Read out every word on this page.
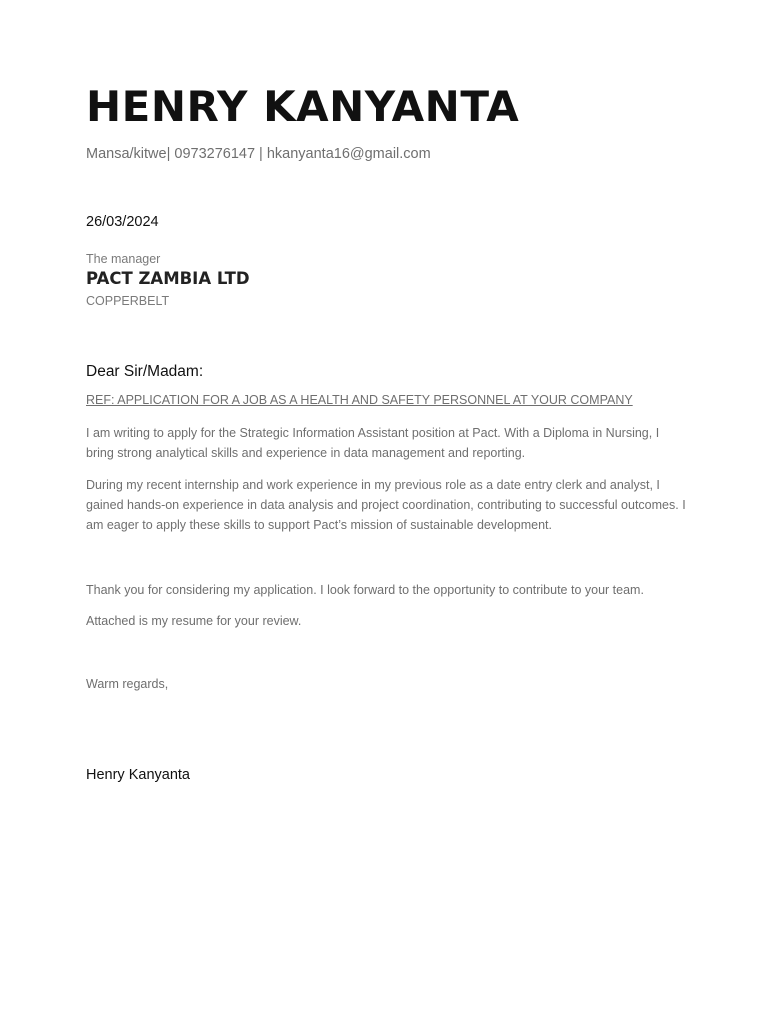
HENRY KANYANTA
Mansa/kitwe| 0973276147 | hkanyanta16@gmail.com
26/03/2024
The manager
PACT ZAMBIA LTD
COPPERBELT
Dear Sir/Madam:
REF: APPLICATION FOR A JOB AS A HEALTH AND SAFETY PERSONNEL AT YOUR COMPANY

I am writing to apply for the Strategic Information Assistant position at Pact. With a Diploma in Nursing, I bring strong analytical skills and experience in data management and reporting.

During my recent internship and work experience in my previous role as a date entry clerk and analyst, I gained hands-on experience in data analysis and project coordination, contributing to successful outcomes. I am eager to apply these skills to support Pact’s mission of sustainable development.

Thank you for considering my application. I look forward to the opportunity to contribute to your team.

Attached is my resume for your review.

Warm regards,
Henry Kanyanta
